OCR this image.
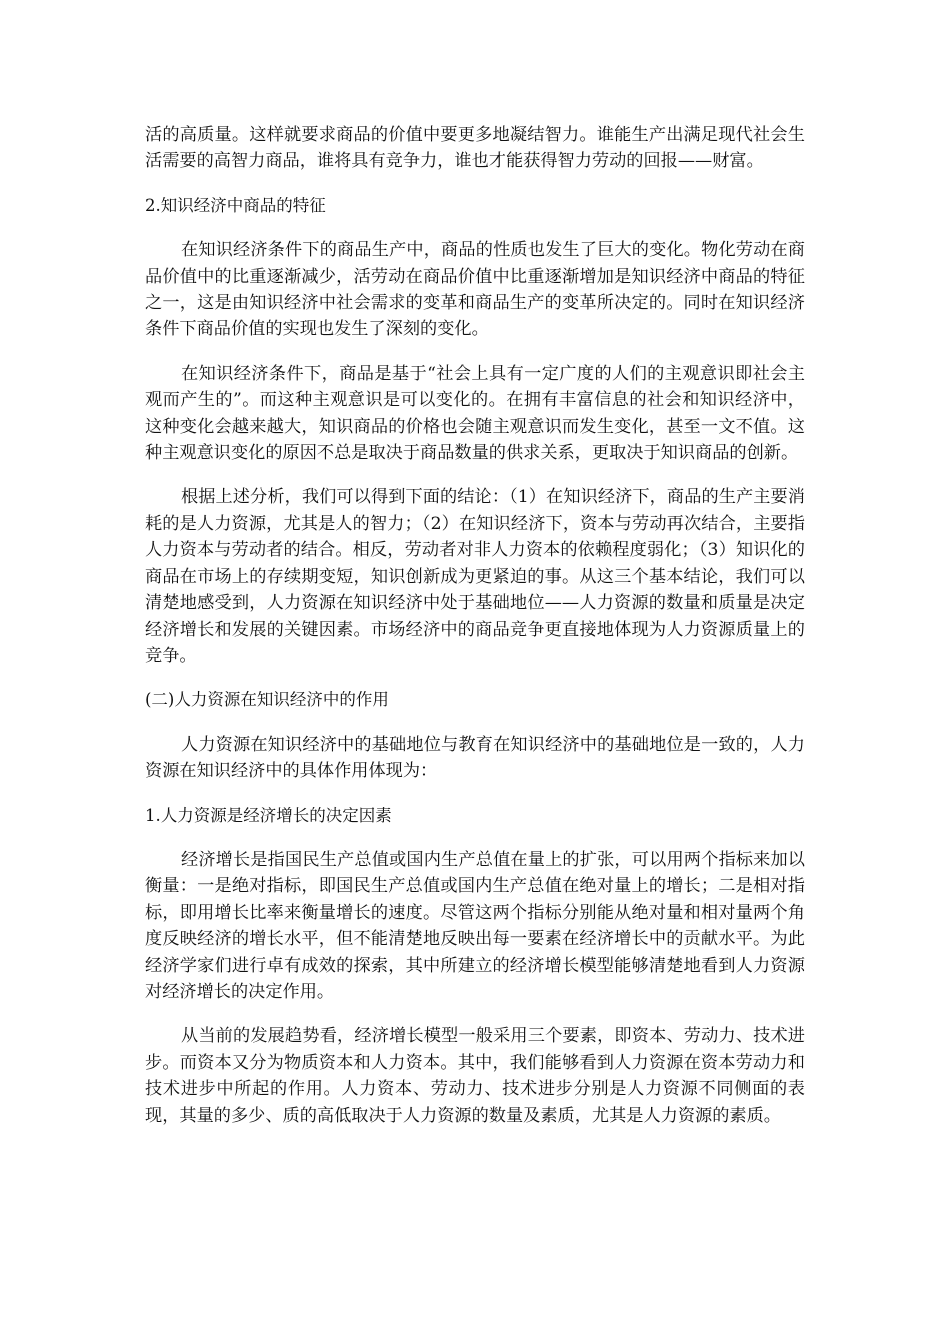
活的高质量。这样就要求商品的价值中要更多地凝结智力。谁能生产出满足现代社会生活需要的高智力商品，谁将具有竞争力，谁也才能获得智力劳动的回报——财富。

2.知识经济中商品的特征

在知识经济条件下的商品生产中，商品的性质也发生了巨大的变化。物化劳动在商品价值中的比重逐渐减少，活劳动在商品价值中比重逐渐增加是知识经济中商品的特征之一，这是由知识经济中社会需求的变革和商品生产的变革所决定的。同时在知识经济条件下商品价值的实现也发生了深刻的变化。

在知识经济条件下，商品是基于“社会上具有一定广度的人们的主观意识即社会主观而产生的”。而这种主观意识是可以变化的。在拥有丰富信息的社会和知识经济中，这种变化会越来越大，知识商品的价格也会随主观意识而发生变化，甚至一文不值。这种主观意识变化的原因不总是取决于商品数量的供求关系，更取决于知识商品的创新。

根据上述分析，我们可以得到下面的结论：（1）在知识经济下，商品的生产主要消耗的是人力资源，尤其是人的智力；（2）在知识经济下，资本与劳动再次结合，主要指人力资本与劳动者的结合。相反，劳动者对非人力资本的依赖程度弱化；（3）知识化的商品在市场上的存续期变短，知识创新成为更紧迫的事。从这三个基本结论，我们可以清楚地感受到，人力资源在知识经济中处于基础地位——人力资源的数量和质量是决定经济增长和发展的关键因素。市场经济中的商品竞争更直接地体现为人力资源质量上的竞争。

(二)人力资源在知识经济中的作用

人力资源在知识经济中的基础地位与教育在知识经济中的基础地位是一致的，人力资源在知识经济中的具体作用体现为：

1.人力资源是经济增长的决定因素

经济增长是指国民生产总值或国内生产总值在量上的扩张，可以用两个指标来加以衡量：一是绝对指标，即国民生产总值或国内生产总值在绝对量上的增长；二是相对指标，即用增长比率来衡量增长的速度。尽管这两个指标分别能从绝对量和相对量两个角度反映经济的增长水平，但不能清楚地反映出每一要素在经济增长中的贡献水平。为此经济学家们进行卓有成效的探索，其中所建立的经济增长模型能够清楚地看到人力资源对经济增长的决定作用。

从当前的发展趋势看，经济增长模型一般采用三个要素，即资本、劳动力、技术进步。而资本又分为物质资本和人力资本。其中，我们能够看到人力资源在资本劳动力和技术进步中所起的作用。人力资本、劳动力、技术进步分别是人力资源不同侧面的表现，其量的多少、质的高低取决于人力资源的数量及素质，尤其是人力资源的素质。
